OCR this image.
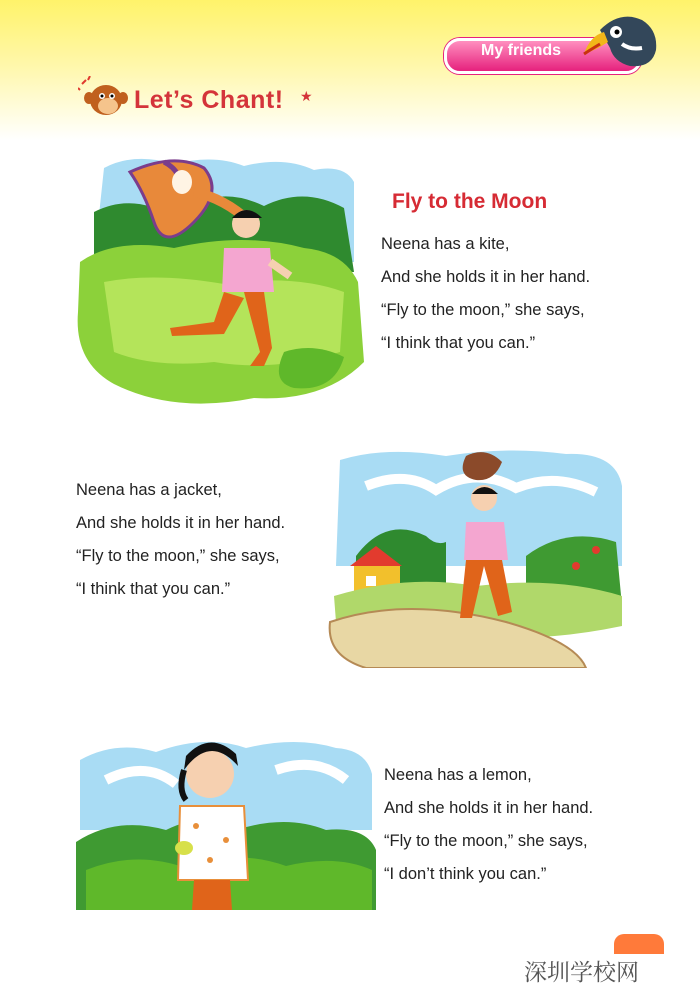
My friends
Let’s Chant! ★
Fly to the Moon
Neena has a kite,
And she holds it in her hand.
“Fly to the moon,” she says,
“I think that you can.”
Neena has a jacket,
And she holds it in her hand.
“Fly to the moon,” she says,
“I think that you can.”
Neena has a lemon,
And she holds it in her hand.
“Fly to the moon,” she says,
“I don’t think you can.”
深圳学校网
